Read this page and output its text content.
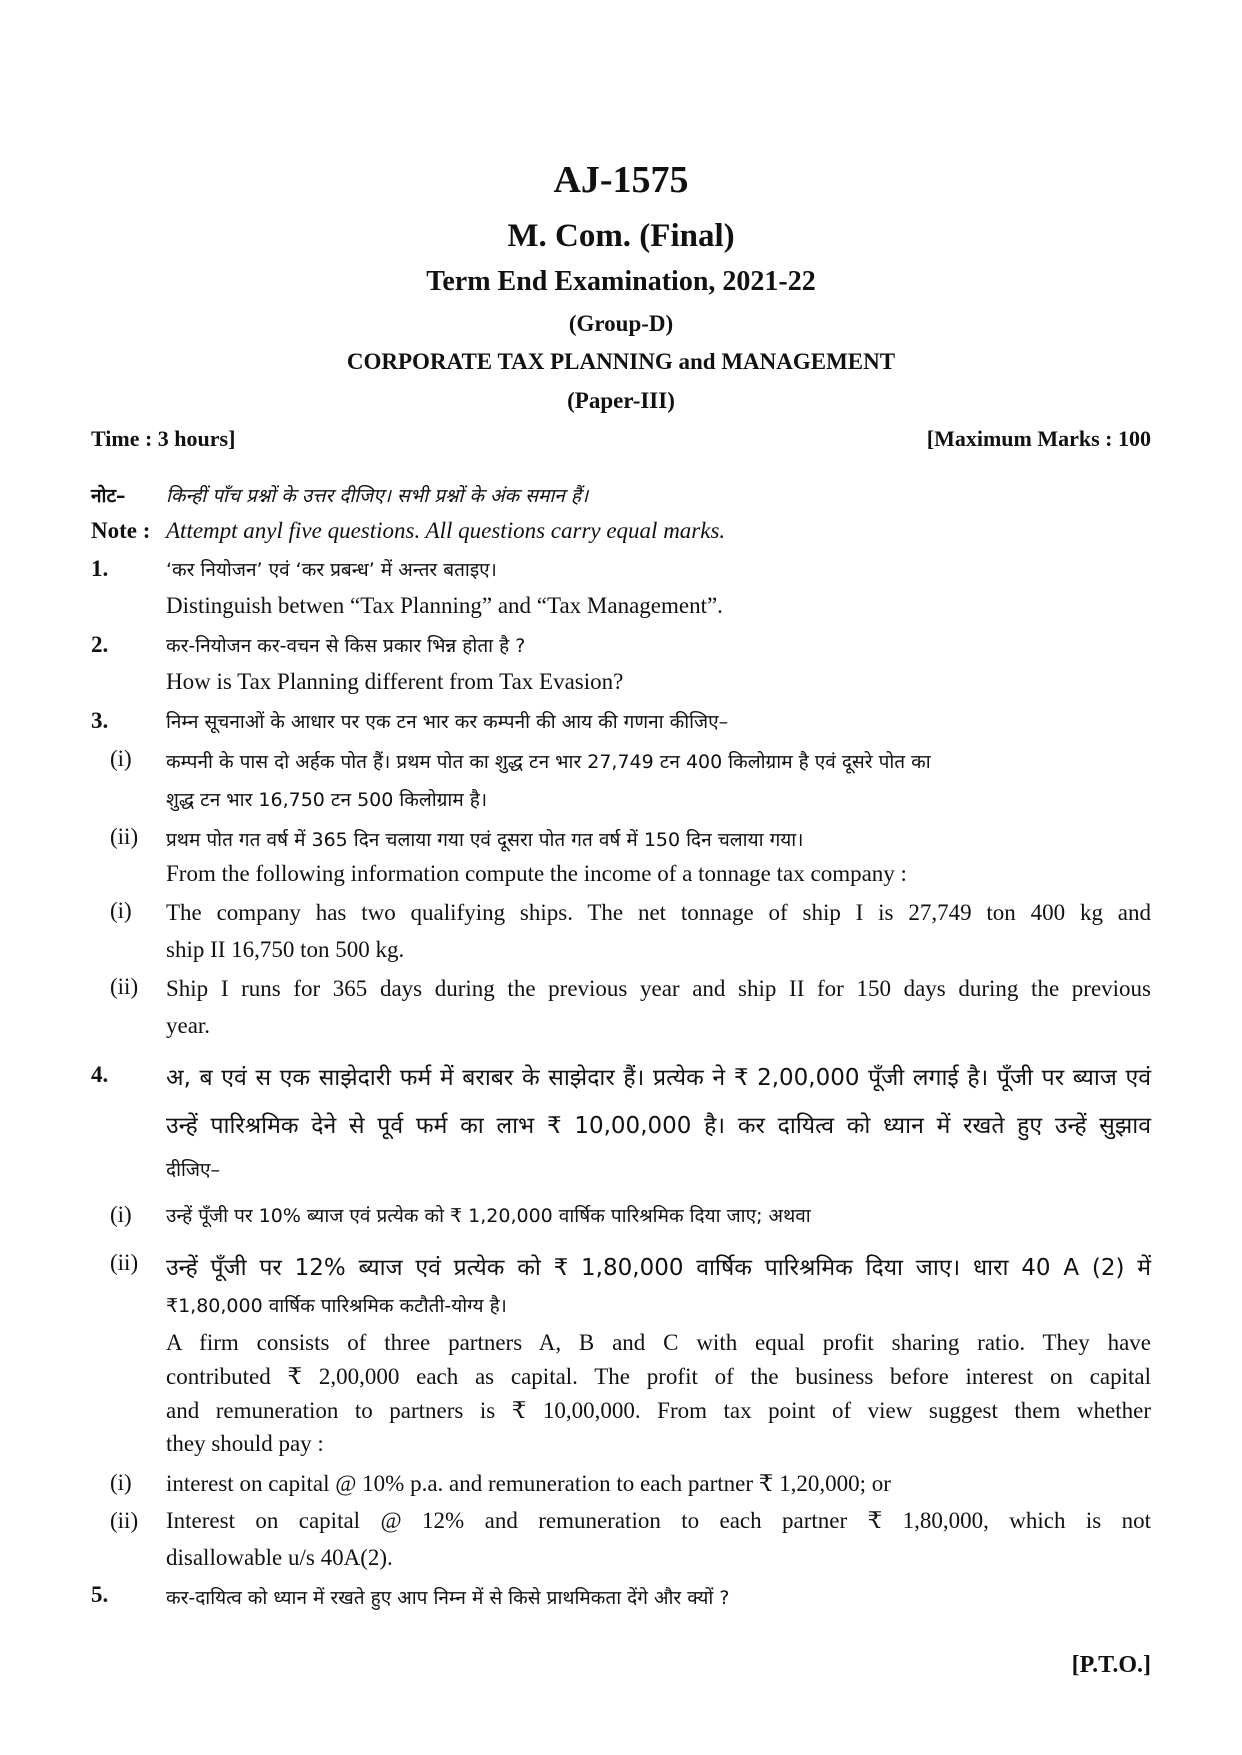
AJ-1575
M. Com. (Final)
Term End Examination, 2021-22
(Group-D)
CORPORATE TAX PLANNING and MANAGEMENT
(Paper-III)
Time : 3 hours]	[Maximum Marks : 100
नोट– किन्हीं पाँच प्रश्नों के उत्तर दीजिए। सभी प्रश्नों के अंक समान हैं।
Note : Attempt anyl five questions. All questions carry equal marks.
1.	‘कर नियोजन’ एवं ‘कर प्रबन्ध’ में अन्तर बताइए।
Distinguish betwen “Tax Planning” and “Tax Management”.
2.	कर-नियोजन कर-वचन से किस प्रकार भिन्न होता है ?
How is Tax Planning different from Tax Evasion?
3.	निम्न सूचनाओं के आधार पर एक टन भार कर कम्पनी की आय की गणना कीजिए–
(i) कम्पनी के पास दो अर्हक पोत हैं। प्रथम पोत का शुद्ध टन भार 27,749 टन 400 किलोग्राम है एवं दूसरे पोत का
शुद्ध टन भार 16,750 टन 500 किलोग्राम है।
(ii) प्रथम पोत गत वर्ष में 365 दिन चलाया गया एवं दूसरा पोत गत वर्ष में 150 दिन चलाया गया।
From the following information compute the income of a tonnage tax company :
(i) The company has two qualifying ships. The net tonnage of ship I is 27,749 ton 400 kg and
ship II 16,750 ton 500 kg.
(ii) Ship I runs for 365 days during the previous year and ship II for 150 days during the previous
year.
4.	अ, ब एवं स एक साझेदारी फर्म में बराबर के साझेदार हैं। प्रत्येक ने ₹ 2,00,000 पूँजी लगाई है। पूँजी पर ब्याज एवं
उन्हें पारिश्रमिक देने से पूर्व फर्म का लाभ ₹ 10,00,000 है। कर दायित्व को ध्यान में रखते हुए उन्हें सुझाव
दीजिए–
(i) उन्हें पूँजी पर 10% ब्याज एवं प्रत्येक को ₹ 1,20,000 वार्षिक पारिश्रमिक दिया जाए; अथवा
(ii) उन्हें पूँजी पर 12% ब्याज एवं प्रत्येक को ₹ 1,80,000 वार्षिक पारिश्रमिक दिया जाए। धारा 40 A (2) में
₹1,80,000 वार्षिक पारिश्रमिक कटौती-योग्य है।
A firm consists of three partners A, B and C with equal profit sharing ratio. They have
contributed ₹ 2,00,000 each as capital. The profit of the business before interest on capital
and remuneration to partners is ₹ 10,00,000. From tax point of view suggest them whether
they should pay :
(i) interest on capital @ 10% p.a. and remuneration to each partner ₹ 1,20,000; or
(ii) Interest on capital @ 12% and remuneration to each partner ₹ 1,80,000, which is not
disallowable u/s 40A(2).
5.	कर-दायित्व को ध्यान में रखते हुए आप निम्न में से किसे प्राथमिकता देंगे और क्यों ?
[P.T.O.]
